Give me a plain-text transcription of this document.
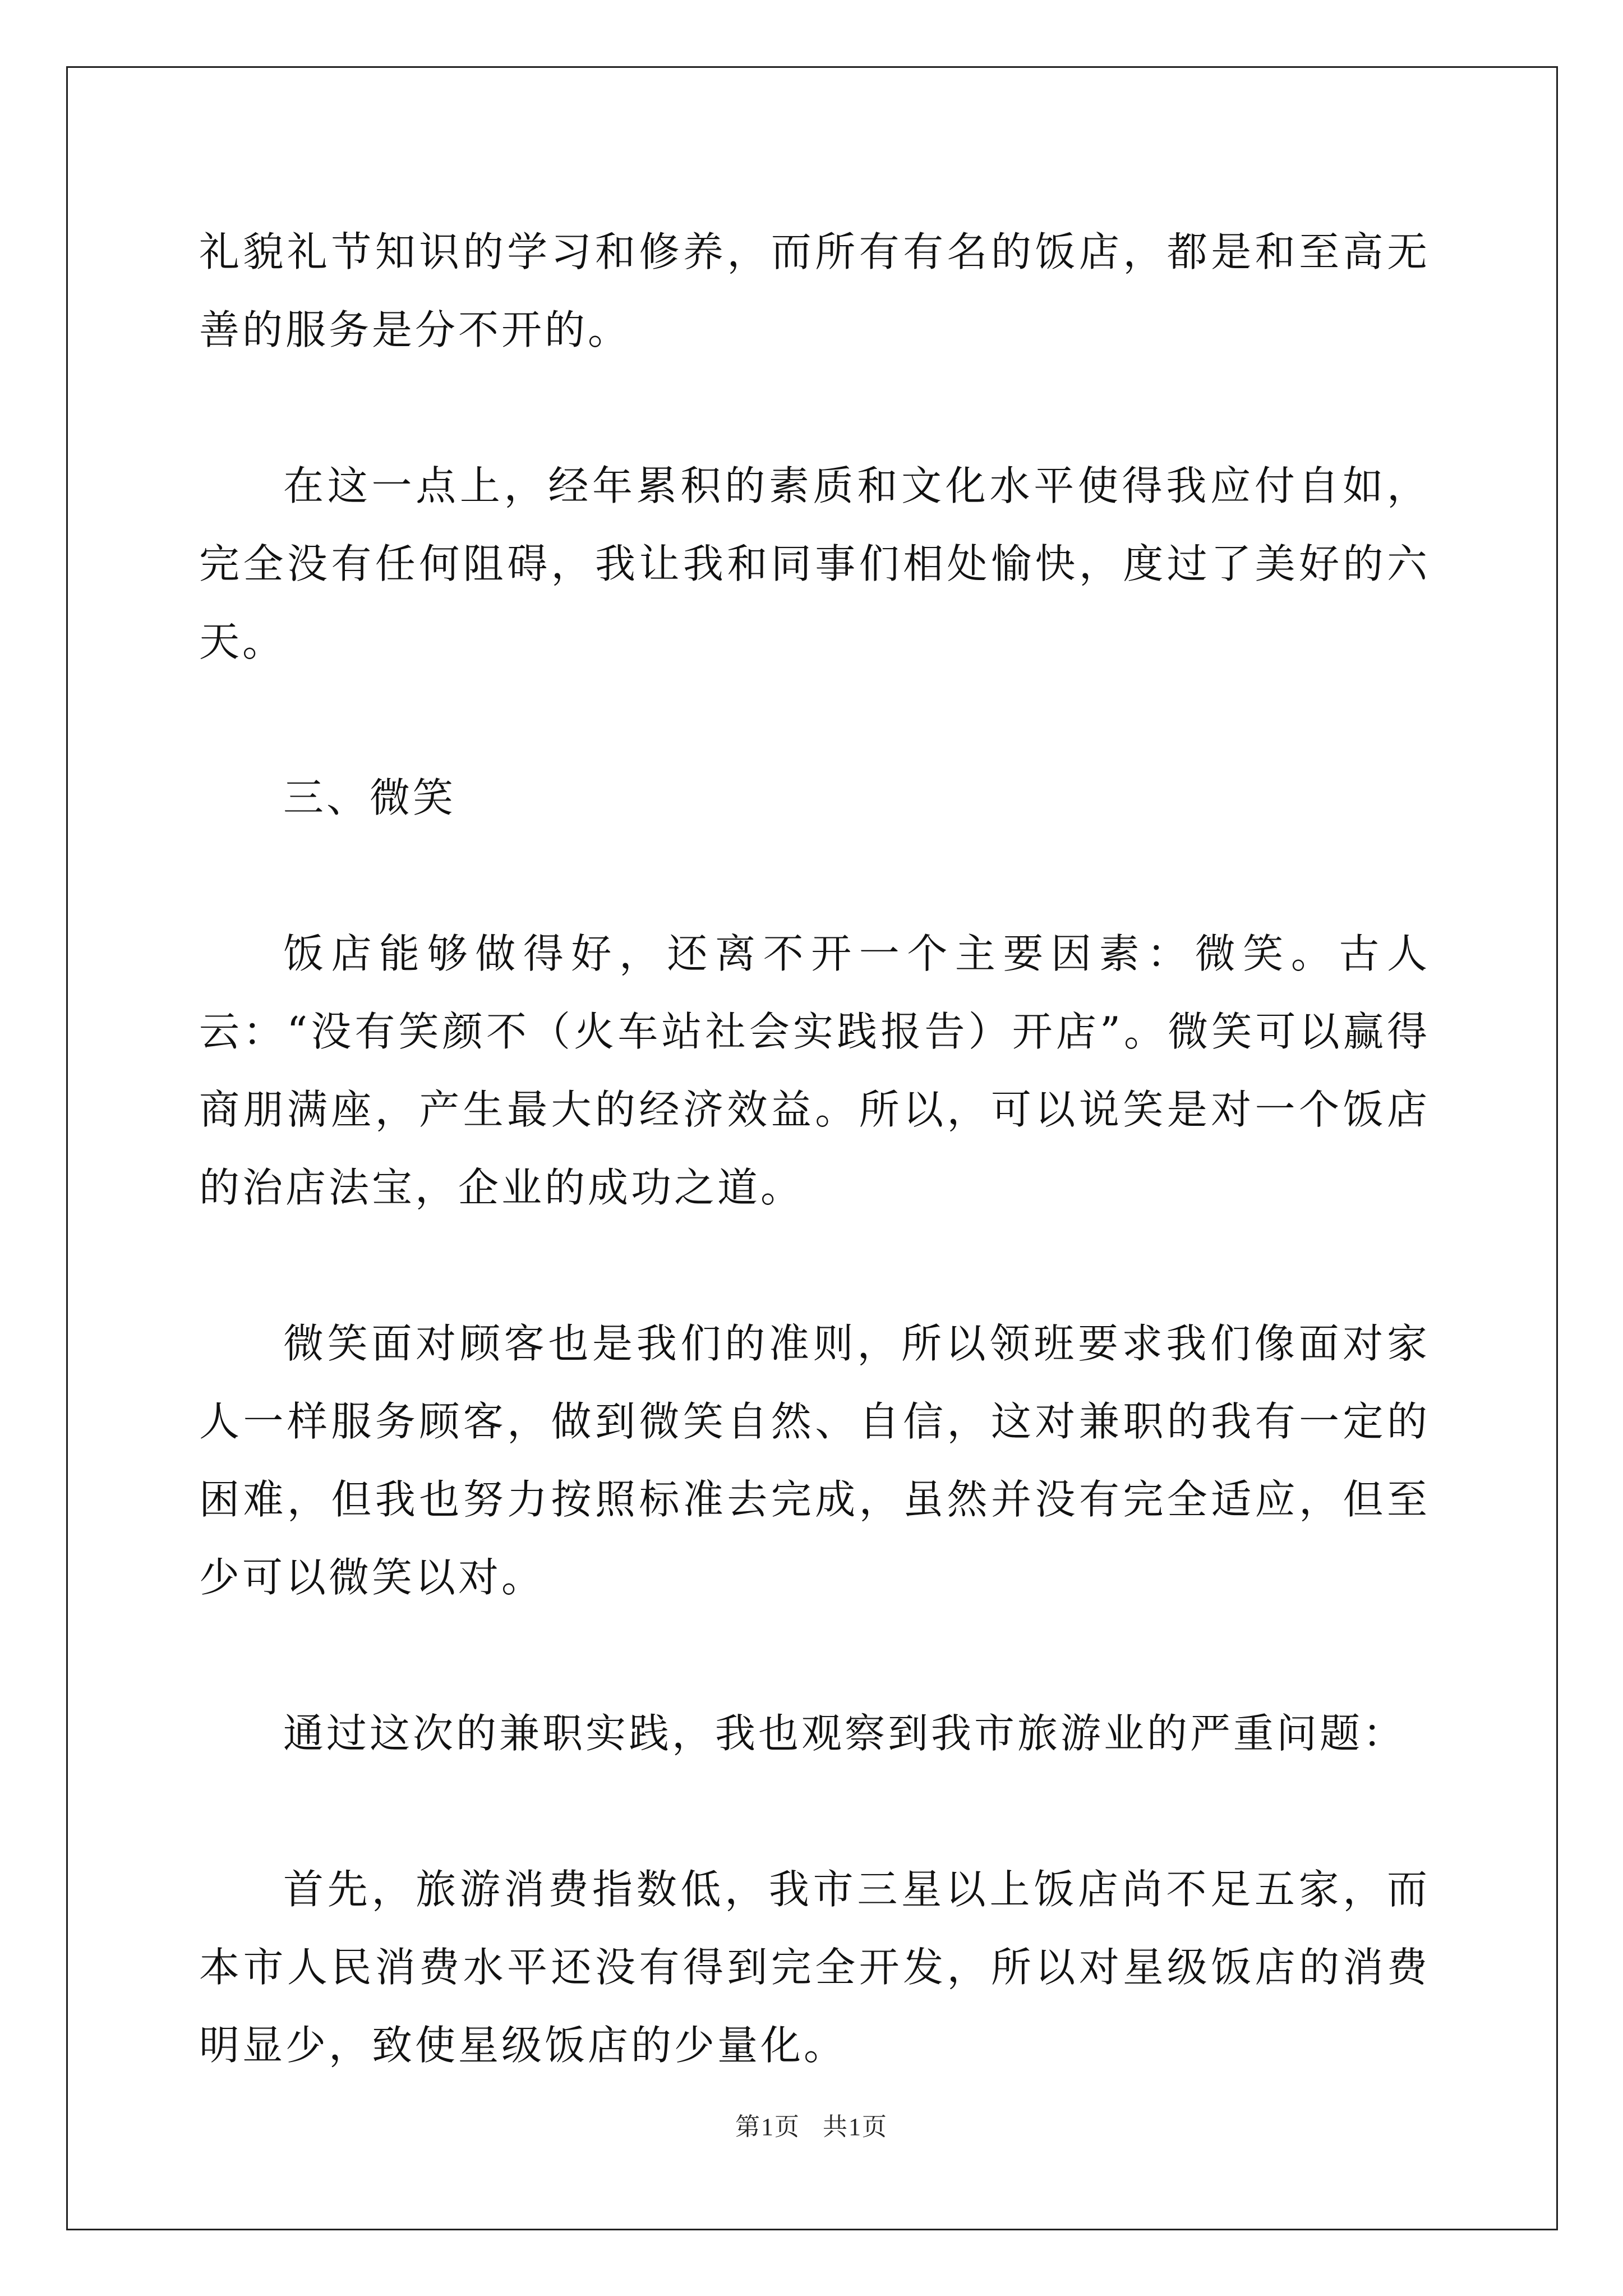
礼貌礼节知识的学习和修养，而所有有名的饭店，都是和至高无善的服务是分不开的。

在这一点上，经年累积的素质和文化水平使得我应付自如，完全没有任何阻碍，我让我和同事们相处愉快，度过了美好的六天。

三、微笑

饭店能够做得好，还离不开一个主要因素：微笑。古人云：“没有笑颜不（火车站社会实践报告）开店”。微笑可以赢得商朋满座，产生最大的经济效益。所以，可以说笑是对一个饭店的治店法宝，企业的成功之道。

微笑面对顾客也是我们的准则，所以领班要求我们像面对家人一样服务顾客，做到微笑自然、自信，这对兼职的我有一定的困难，但我也努力按照标准去完成，虽然并没有完全适应，但至少可以微笑以对。

通过这次的兼职实践，我也观察到我市旅游业的严重问题：

首先，旅游消费指数低，我市三星以上饭店尚不足五家，而本市人民消费水平还没有得到完全开发，所以对星级饭店的消费明显少，致使星级饭店的少量化。

第1页 共1页
